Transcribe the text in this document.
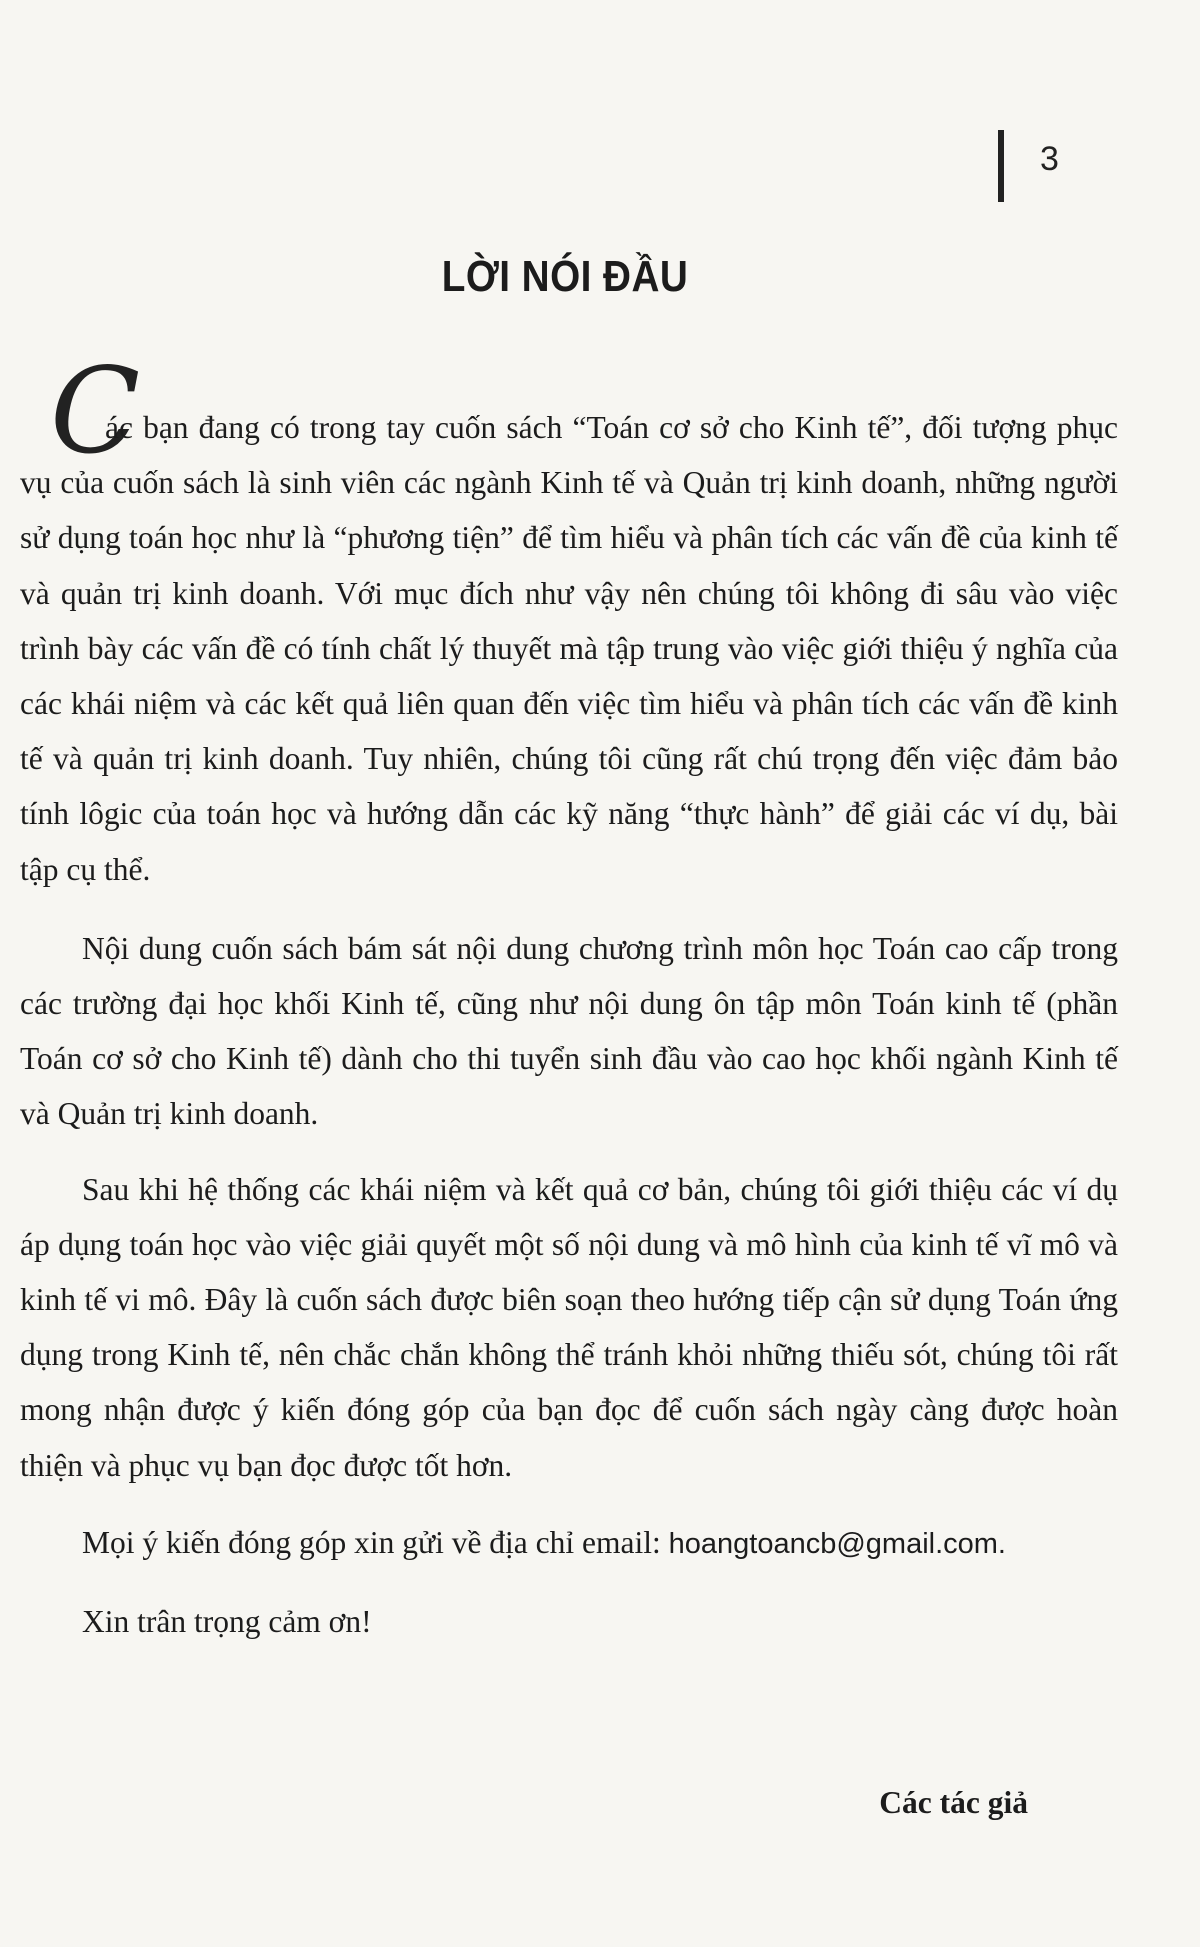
3
LỜI NÓI ĐẦU
C

ác bạn đang có trong tay cuốn sách “Toán cơ sở cho Kinh tế”, đối tượng phục vụ của cuốn sách là sinh viên các ngành Kinh tế và Quản trị kinh doanh, những người sử dụng toán học như là “phương tiện” để tìm hiểu và phân tích các vấn đề của kinh tế và quản trị kinh doanh. Với mục đích như vậy nên chúng tôi không đi sâu vào việc trình bày các vấn đề có tính chất lý thuyết mà tập trung vào việc giới thiệu ý nghĩa của các khái niệm và các kết quả liên quan đến việc tìm hiểu và phân tích các vấn đề kinh tế và quản trị kinh doanh. Tuy nhiên, chúng tôi cũng rất chú trọng đến việc đảm bảo tính lôgic của toán học và hướng dẫn các kỹ năng “thực hành” để giải các ví dụ, bài tập cụ thể.

Nội dung cuốn sách bám sát nội dung chương trình môn học Toán cao cấp trong các trường đại học khối Kinh tế, cũng như nội dung ôn tập môn Toán kinh tế (phần Toán cơ sở cho Kinh tế) dành cho thi tuyển sinh đầu vào cao học khối ngành Kinh tế và Quản trị kinh doanh.

Sau khi hệ thống các khái niệm và kết quả cơ bản, chúng tôi giới thiệu các ví dụ áp dụng toán học vào việc giải quyết một số nội dung và mô hình của kinh tế vĩ mô và kinh tế vi mô. Đây là cuốn sách được biên soạn theo hướng tiếp cận sử dụng Toán ứng dụng trong Kinh tế, nên chắc chắn không thể tránh khỏi những thiếu sót, chúng tôi rất mong nhận được ý kiến đóng góp của bạn đọc để cuốn sách ngày càng được hoàn thiện và phục vụ bạn đọc được tốt hơn.

Mọi ý kiến đóng góp xin gửi về địa chỉ email: hoangtoancb@gmail.com.

Xin trân trọng cảm ơn!

Các tác giả
